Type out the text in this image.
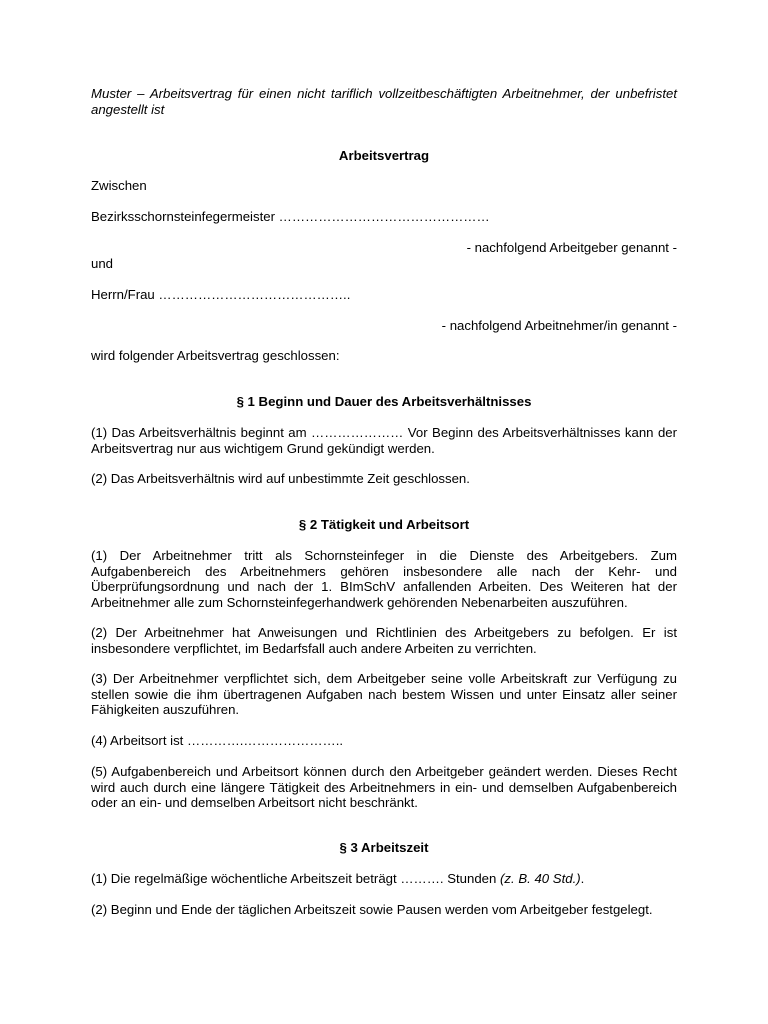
Muster – Arbeitsvertrag für einen nicht tariflich vollzeitbeschäftigten Arbeitnehmer, der unbefristet angestellt ist

Arbeitsvertrag

Zwischen

Bezirksschornsteinfegermeister …………………………………………

- nachfolgend Arbeitgeber genannt -

und

Herrn/Frau ……………………………………..

- nachfolgend Arbeitnehmer/in genannt -

wird folgender Arbeitsvertrag geschlossen:

§ 1 Beginn und Dauer des Arbeitsverhältnisses

(1) Das Arbeitsverhältnis beginnt am ………………… Vor Beginn des Arbeitsverhältnisses kann der Arbeitsvertrag nur aus wichtigem Grund gekündigt werden.

(2) Das Arbeitsverhältnis wird auf unbestimmte Zeit geschlossen.

§ 2 Tätigkeit und Arbeitsort

(1) Der Arbeitnehmer tritt als Schornsteinfeger in die Dienste des Arbeitgebers. Zum Aufgabenbereich des Arbeitnehmers gehören insbesondere alle nach der Kehr- und Überprüfungsordnung und nach der 1. BImSchV anfallenden Arbeiten. Des Weiteren hat der Arbeitnehmer alle zum Schornsteinfegerhandwerk gehörenden Nebenarbeiten auszuführen.

(2) Der Arbeitnehmer hat Anweisungen und Richtlinien des Arbeitgebers zu befolgen. Er ist insbesondere verpflichtet, im Bedarfsfall auch andere Arbeiten zu verrichten.

(3) Der Arbeitnehmer verpflichtet sich, dem Arbeitgeber seine volle Arbeitskraft zur Verfügung zu stellen sowie die ihm übertragenen Aufgaben nach bestem Wissen und unter Einsatz aller seiner Fähigkeiten auszuführen.

(4) Arbeitsort ist ………….…………………..

(5) Aufgabenbereich und Arbeitsort können durch den Arbeitgeber geändert werden. Dieses Recht wird auch durch eine längere Tätigkeit des Arbeitnehmers in ein- und demselben Aufgabenbereich oder an ein- und demselben Arbeitsort nicht beschränkt.

§ 3 Arbeitszeit

(1) Die regelmäßige wöchentliche Arbeitszeit beträgt ………. Stunden (z. B. 40 Std.).

(2) Beginn und Ende der täglichen Arbeitszeit sowie Pausen werden vom Arbeitgeber festgelegt.
